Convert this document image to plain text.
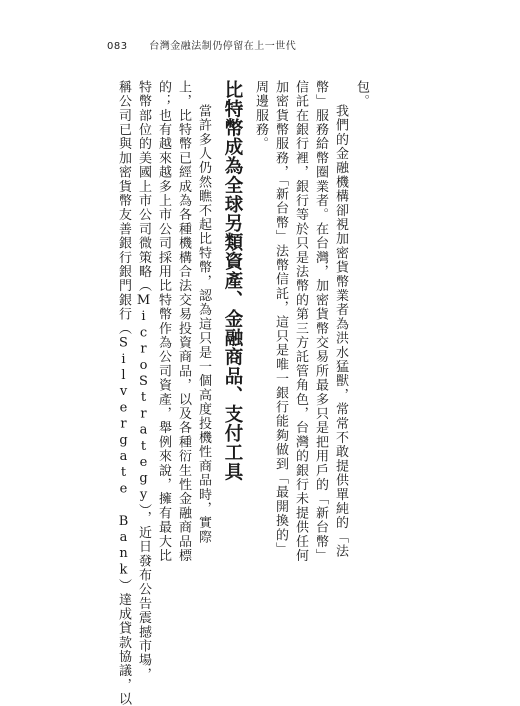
083 台灣金融法制仍停留在上一世代
包。
我們的金融機構卻視加密貨幣業者為洪水猛獸，常常不敢提供單純的「法
幣」服務給幣圈業者。在台灣，加密貨幣交易所最多只是把用戶的「新台幣」
信託在銀行裡，銀行等於只是法幣的第三方託管角色，台灣的銀行未提供任何
加密貨幣服務，「新台幣」法幣信託，這只是唯一銀行能夠做到「最開換的」
周邊服務。
比特幣成為全球另類資產、金融商品、支付工具
當許多人仍然瞧不起比特幣，認為這只是一個高度投機性商品時，實際
上，比特幣已經成為各種機構合法交易投資商品，以及各種衍生性金融商品標
的；也有越來越多上市公司採用比特幣作為公司資產，舉例來說，擁有最大比
特幣部位的美國上市公司微策略（MicroStrategy），近日發布公告震撼市場，
稱公司已與加密貨幣友善銀行銀門銀行（Silvergate Bank）達成貸款協議，以
